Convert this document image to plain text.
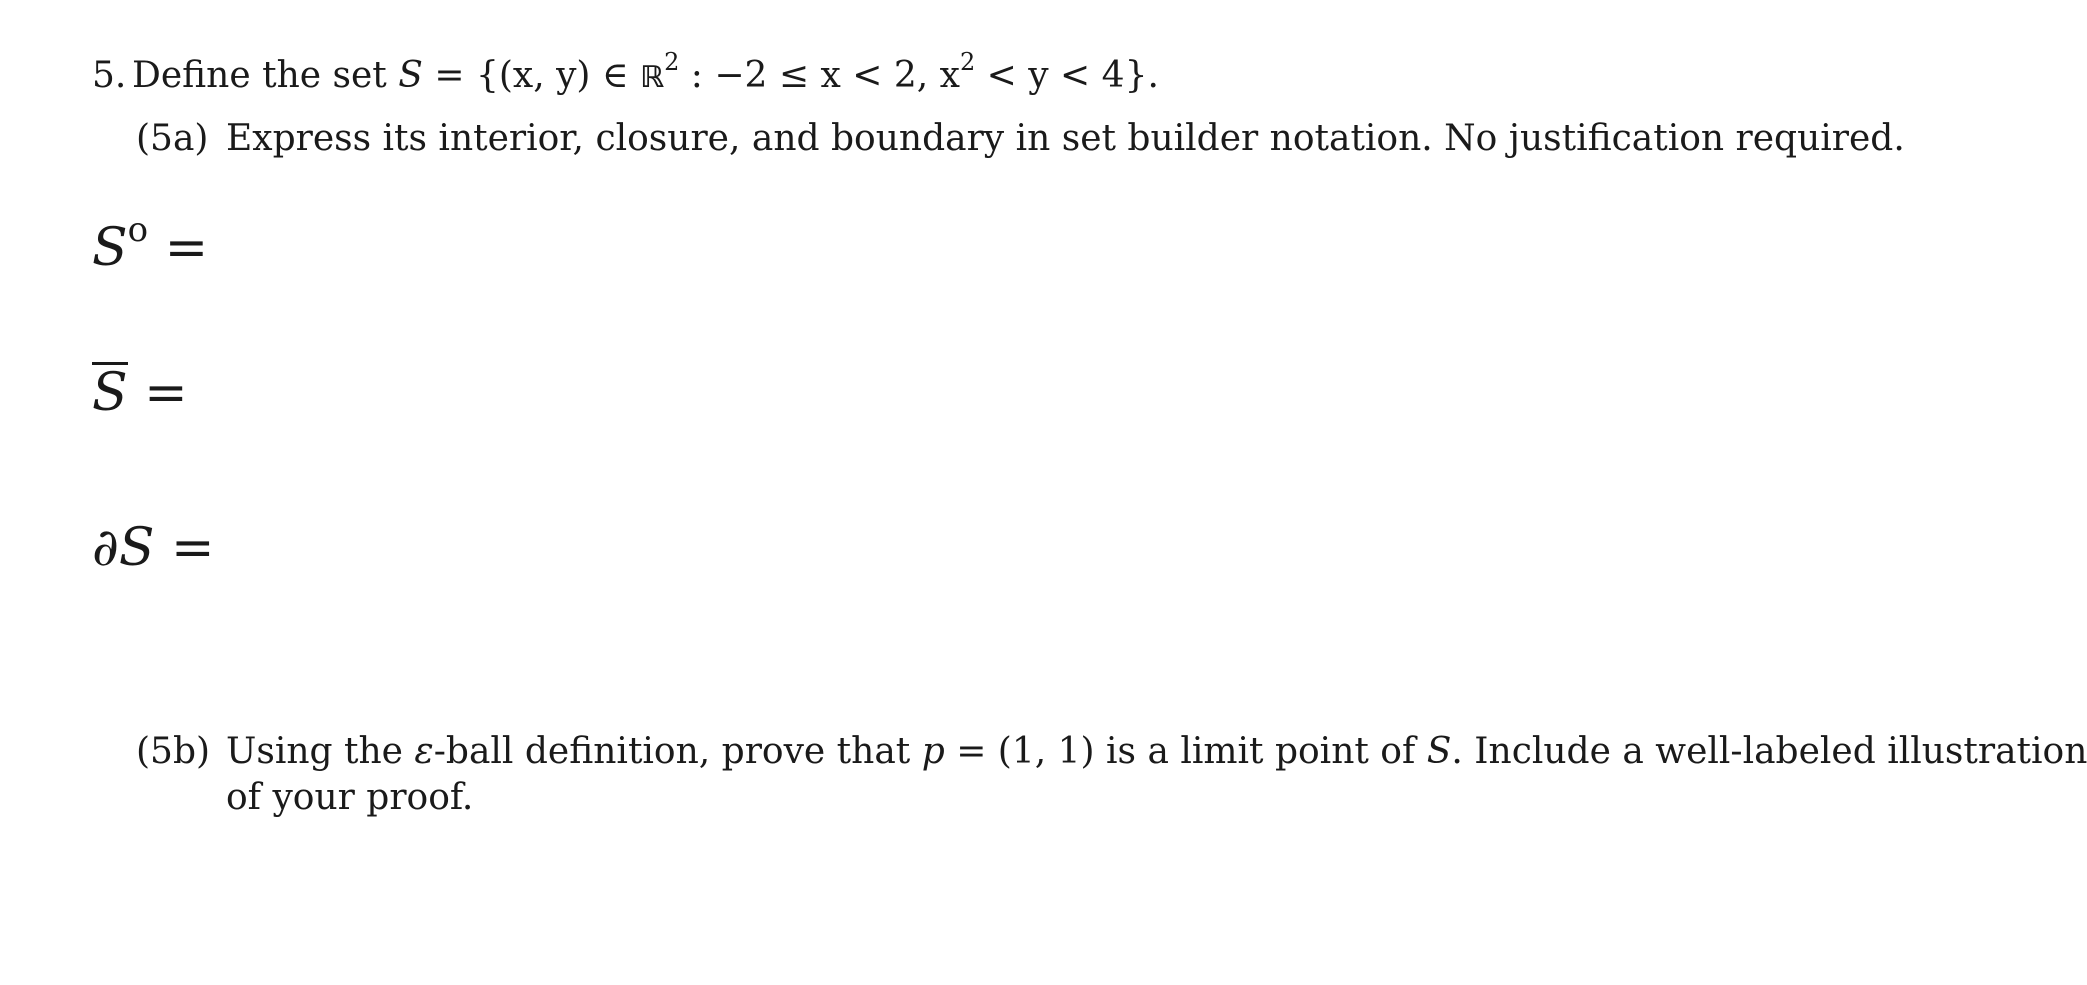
5. Define the set S = {(x, y) ∈ ℝ$^2$ : −2 ≤ x < 2, $x^2 < y < 4$}.
(5a) Express its interior, closure, and boundary in set builder notation. No justification required.
$S^o$ =
S =
∂S =
(5b) Using the ε-ball definition, prove that p = (1, 1) is a limit point of S. Include a well-labeled illustration
of your proof.
